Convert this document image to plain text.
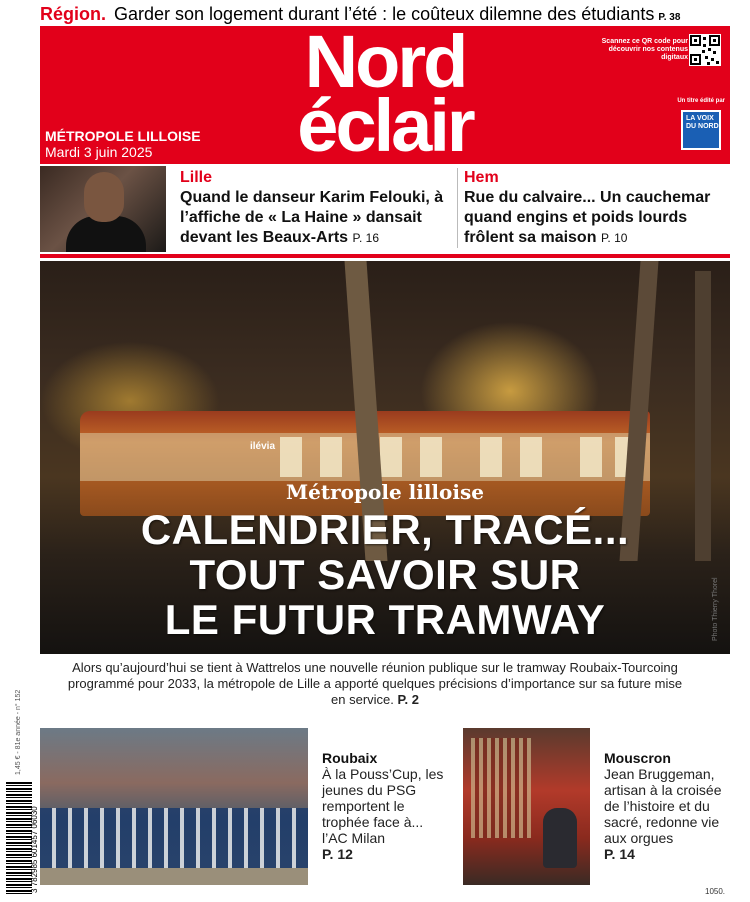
Région. Garder son logement durant l’été : le coûteux dilemne des étudiants P. 38
Nord
éclair
MÉTROPOLE LILLOISE
Mardi 3 juin 2025
Scannez ce QR code pour découvrir nos contenus digitaux
Un titre édité par
LA VOIX DU NORD
Lille
Quand le danseur Karim Felouki, à l’affiche de « La Haine » dansait devant les Beaux-Arts P. 16
Hem
Rue du calvaire... Un cauchemar quand engins et poids lourds frôlent sa maison P. 10
ilévia
Métropole lilloise
CALENDRIER, TRACÉ...
TOUT SAVOIR SUR
LE FUTUR TRAMWAY	Photo Thierry Thorel
1,45 € - 81e année - n° 152
3 782985 601457 06030
Alors qu’aujourd’hui se tient à Wattrelos une nouvelle réunion publique sur le tramway Roubaix-Tourcoing programmé pour 2033, la métropole de Lille a apporté quelques précisions d’importance sur sa future mise en service. P. 2
Roubaix
À la Pouss’Cup, les jeunes du PSG remportent le trophée face à... l’AC Milan
P. 12
Mouscron
Jean Bruggeman, artisan à la croisée de l’histoire et du sacré, redonne vie aux orgues
P. 14
1050.
